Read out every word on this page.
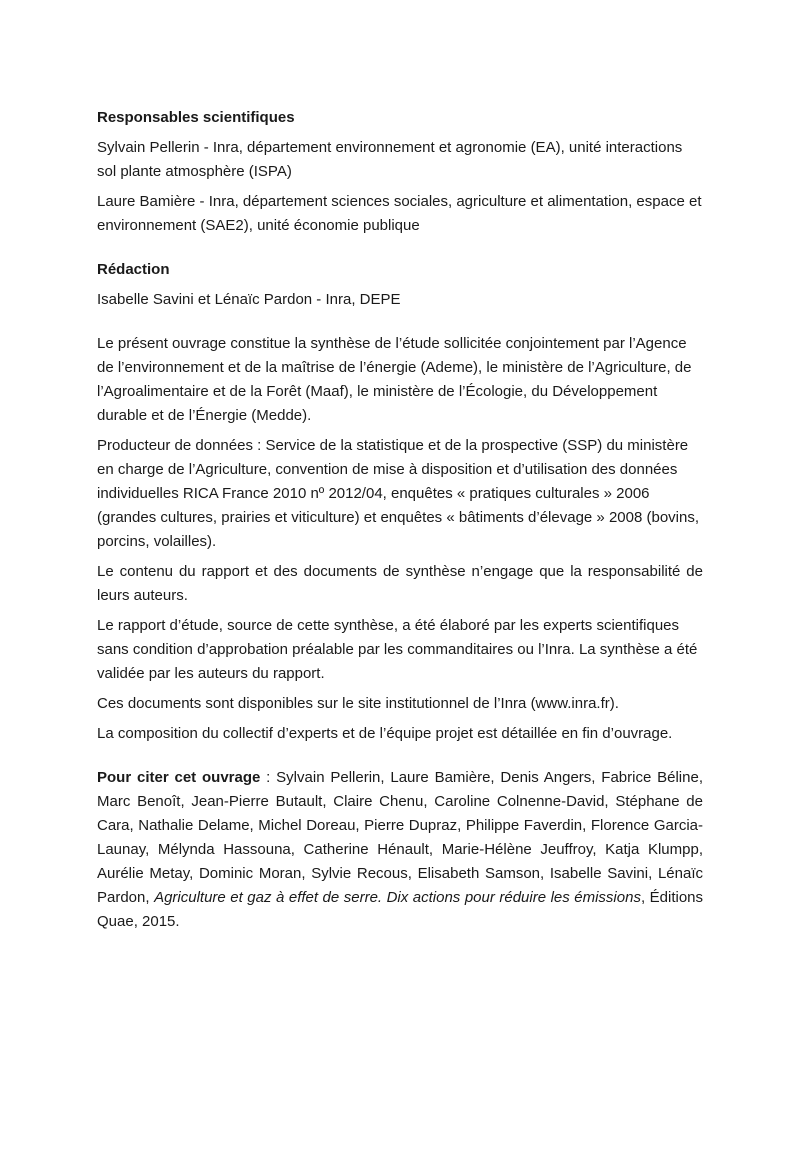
Responsables scientifiques

Sylvain Pellerin - Inra, département environnement et agronomie (EA), unité interactions sol plante atmosphère (ISPA)

Laure Bamière - Inra, département sciences sociales, agriculture et alimentation, espace et environnement (SAE2), unité économie publique

Rédaction

Isabelle Savini et Lénaïc Pardon - Inra, DEPE

Le présent ouvrage constitue la synthèse de l’étude sollicitée conjointement par l’Agence de l’environnement et de la maîtrise de l’énergie (Ademe), le ministère de l’Agriculture, de l’Agroalimentaire et de la Forêt (Maaf), le ministère de l’Écologie, du Développement durable et de l’Énergie (Medde).

Producteur de données : Service de la statistique et de la prospective (SSP) du ministère en charge de l’Agriculture, convention de mise à disposition et d’utilisation des données individuelles RICA France 2010 nº 2012/04, enquêtes « pratiques culturales » 2006 (grandes cultures, prairies et viticulture) et enquêtes « bâtiments d’élevage » 2008 (bovins, porcins, volailles).

Le contenu du rapport et des documents de synthèse n’engage que la responsabilité de leurs auteurs.

Le rapport d’étude, source de cette synthèse, a été élaboré par les experts scientifiques sans condition d’approbation préalable par les commanditaires ou l’Inra. La synthèse a été validée par les auteurs du rapport.

Ces documents sont disponibles sur le site institutionnel de l’Inra (www.inra.fr).

La composition du collectif d’experts et de l’équipe projet est détaillée en fin d’ouvrage.

Pour citer cet ouvrage : Sylvain Pellerin, Laure Bamière, Denis Angers, Fabrice Béline, Marc Benoît, Jean-Pierre Butault, Claire Chenu, Caroline Colnenne-David, Stéphane de Cara, Nathalie Delame, Michel Doreau, Pierre Dupraz, Philippe Faverdin, Florence Garcia-Launay, Mélynda Hassouna, Catherine Hénault, Marie-Hélène Jeuffroy, Katja Klumpp, Aurélie Metay, Dominic Moran, Sylvie Recous, Elisabeth Samson, Isabelle Savini, Lénaïc Pardon, Agriculture et gaz à effet de serre. Dix actions pour réduire les émissions, Éditions Quae, 2015.
